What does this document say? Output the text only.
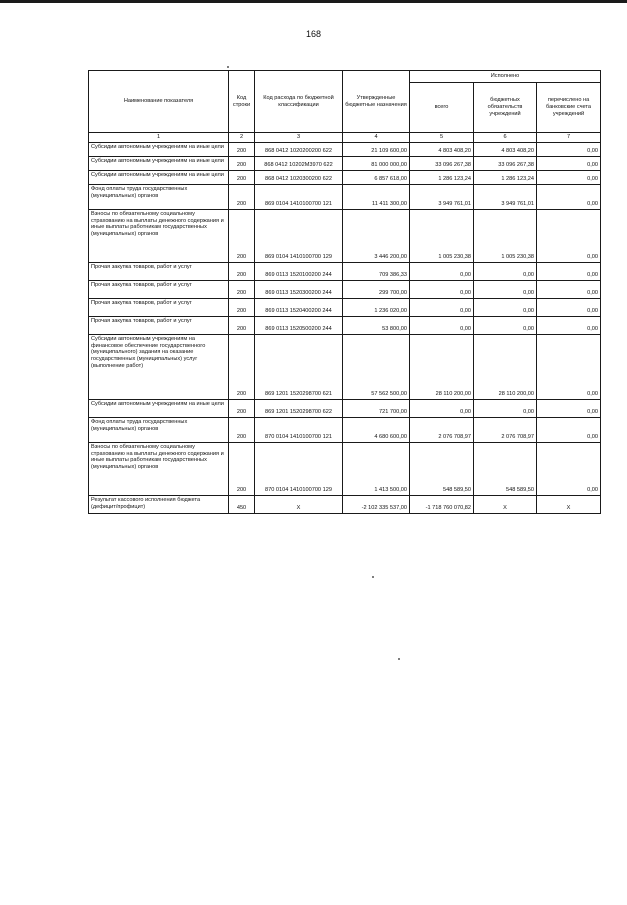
168
Наименование показателя	Код строки	Код расхода по бюджетной классификации	Утвержденные бюджетные назначения	Исполнено		
				всего	бюджетных обязательств учреждений	перечислено на банковские счета учреждений
1	2	3	4	5	6	7
Субсидии автономным учреждениям на иные цели	200	868 0412 1020200200 622	21 109 600,00	4 803 408,20	4 803 408,20	0,00
Субсидии автономным учреждениям на иные цели	200	868 0412 10202M3970 622	81 000 000,00	33 096 267,38	33 096 267,38	0,00
Субсидии автономным учреждениям на иные цели	200	868 0412 1020300200 622	6 857 618,00	1 286 123,24	1 286 123,24	0,00
Фонд оплаты труда государственных (муниципальных) органов	200	869 0104 1410100700 121	11 411 300,00	3 949 761,01	3 949 761,01	0,00
Взносы по обязательному социальному страхованию на выплаты денежного содержания и иные выплаты работникам государственных (муниципальных) органов	200	869 0104 1410100700 129	3 446 200,00	1 005 230,38	1 005 230,38	0,00
Прочая закупка товаров, работ и услуг	200	869 0113 1520100200 244	709 386,33	0,00	0,00	0,00
Прочая закупка товаров, работ и услуг	200	869 0113 1520300200 244	299 700,00	0,00	0,00	0,00
Прочая закупка товаров, работ и услуг	200	869 0113 1520400200 244	1 236 020,00	0,00	0,00	0,00
Прочая закупка товаров, работ и услуг	200	869 0113 1520500200 244	53 800,00	0,00	0,00	0,00
Субсидии автономным учреждениям на финансовое обеспечение государственного (муниципального) задания на оказание государственных (муниципальных) услуг (выполнение работ)	200	869 1201 1520298700 621	57 562 500,00	28 110 200,00	28 110 200,00	0,00
Субсидии автономным учреждениям на иные цели	200	869 1201 1520298700 622	721 700,00	0,00	0,00	0,00
Фонд оплаты труда государственных (муниципальных) органов	200	870 0104 1410100700 121	4 680 600,00	2 076 708,97	2 076 708,97	0,00
Взносы по обязательному социальному страхованию на выплаты денежного содержания и иные выплаты работникам государственных (муниципальных) органов	200	870 0104 1410100700 129	1 413 500,00	548 589,50	548 589,50	0,00
Результат кассового исполнения бюджета (дефицит/профицит)	450	X	-2 102 335 537,00	-1 718 760 070,82	X	X
